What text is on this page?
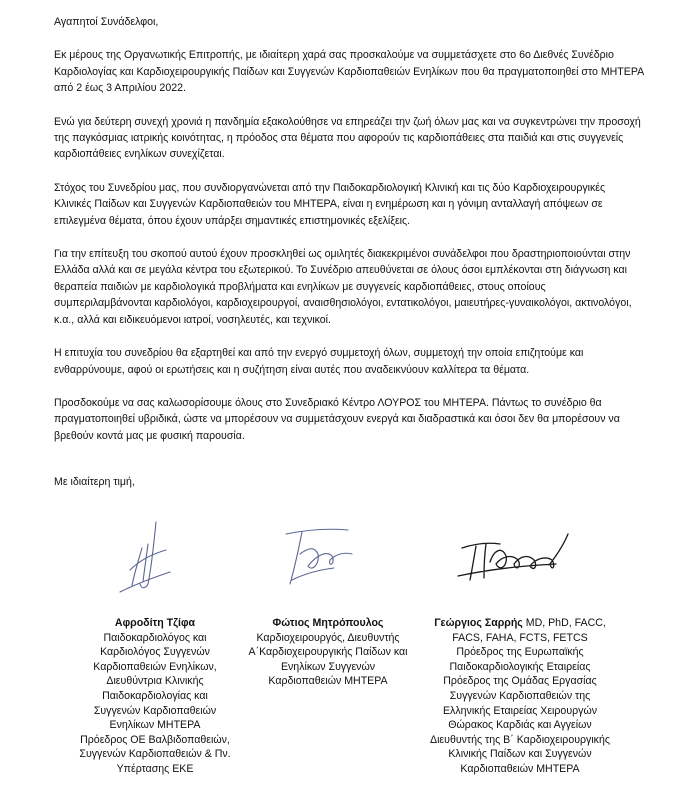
Αγαπητοί Συνάδελφοι,

Εκ μέρους της Οργανωτικής Επιτροπής, με ιδιαίτερη χαρά σας προσκαλούμε να συμμετάσχετε στο 6ο Διεθνές Συνέδριο Καρδιολογίας και Καρδιοχειρουργικής Παίδων και Συγγενών Καρδιοπαθειών Ενηλίκων που θα πραγματοποιηθεί στο ΜΗΤΕΡΑ από 2 έως 3 Απριλίου 2022.

Ενώ για δεύτερη συνεχή χρονιά η πανδημία εξακολούθησε να επηρεάζει την ζωή όλων μας και να συγκεντρώνει την προσοχή της παγκόσμιας ιατρικής κοινότητας, η πρόοδος στα θέματα που αφορούν τις καρδιοπάθειες στα παιδιά και στις συγγενείς καρδιοπάθειες ενηλίκων συνεχίζεται.

Στόχος του Συνεδρίου μας, που συνδιοργανώνεται από την Παιδοκαρδιολογική Κλινική και τις δύο Καρδιοχειρουργικές Κλινικές Παίδων και Συγγενών Καρδιοπαθειών του ΜΗΤΕΡΑ, είναι η ενημέρωση και η γόνιμη ανταλλαγή απόψεων σε επιλεγμένα θέματα, όπου έχουν υπάρξει σημαντικές επιστημονικές εξελίξεις.

Για την επίτευξη του σκοπού αυτού έχουν προσκληθεί ως ομιλητές διακεκριμένοι συνάδελφοι που δραστηριοποιούνται στην Ελλάδα αλλά και σε μεγάλα κέντρα του εξωτερικού. Το Συνέδριο απευθύνεται σε όλους όσοι εμπλέκονται στη διάγνωση και θεραπεία παιδιών με καρδιολογικά προβλήματα και ενηλίκων με συγγενείς καρδιοπάθειες, στους οποίους συμπεριλαμβάνονται καρδιολόγοι, καρδιοχειρουργοί, αναισθησιολόγοι, εντατικολόγοι, μαιευτήρες-γυναικολόγοι, ακτινολόγοι, κ.α., αλλά και ειδικευόμενοι ιατροί, νοσηλευτές, και τεχνικοί.

Η επιτυχία του συνεδρίου θα εξαρτηθεί και από την ενεργό συμμετοχή όλων, συμμετοχή την οποία επιζητούμε και ενθαρρύνουμε, αφού οι ερωτήσεις και η συζήτηση είναι αυτές που αναδεικνύουν καλλίτερα τα θέματα.

Προσδοκούμε να σας καλωσορίσουμε όλους στο Συνεδριακό Κέντρο ΛΟΥΡΟΣ του ΜΗΤΕΡΑ. Πάντως το συνέδριο θα πραγματοποιηθεί υβριδικά, ώστε να μπορέσουν να συμμετάσχουν ενεργά και διαδραστικά και όσοι δεν θα μπορέσουν να βρεθούν κοντά μας με φυσική παρουσία.

Με ιδιαίτερη τιμή,

Αφροδίτη Τζίφα
Παιδοκαρδιολόγος και
Καρδιολόγος Συγγενών
Καρδιοπαθειών Ενηλίκων,
Διευθύντρια Κλινικής
Παιδοκαρδιολογίας και
Συγγενών Καρδιοπαθειών
Ενηλίκων ΜΗΤΕΡΑ
Πρόεδρος ΟΕ Βαλβιδοπαθειών,
Συγγενών Καρδιοπαθειών & Πν.
Υπέρτασης ΕΚΕ
Φώτιος Μητρόπουλος
Καρδιοχειρουργός, Διευθυντής
Α΄Καρδιοχειρουργικής Παίδων και
Ενηλίκων Συγγενών
Καρδιοπαθειών ΜΗΤΕΡΑ
Γεώργιος Σαρρής MD, PhD, FACC,
FACS, FAHA, FCTS, FETCS
Πρόεδρος της Ευρωπαϊκής
Παιδοκαρδιολογικής Εταιρείας
Πρόεδρος της Ομάδας Εργασίας
Συγγενών Καρδιοπαθειών της
Ελληνικής Εταιρείας Χειρουργών
Θώρακος Καρδιάς και Αγγείων
Διευθυντής της Β΄ Καρδιοχειρουργικής
Κλινικής Παίδων και Συγγενών
Καρδιοπαθειών ΜΗΤΕΡΑ
